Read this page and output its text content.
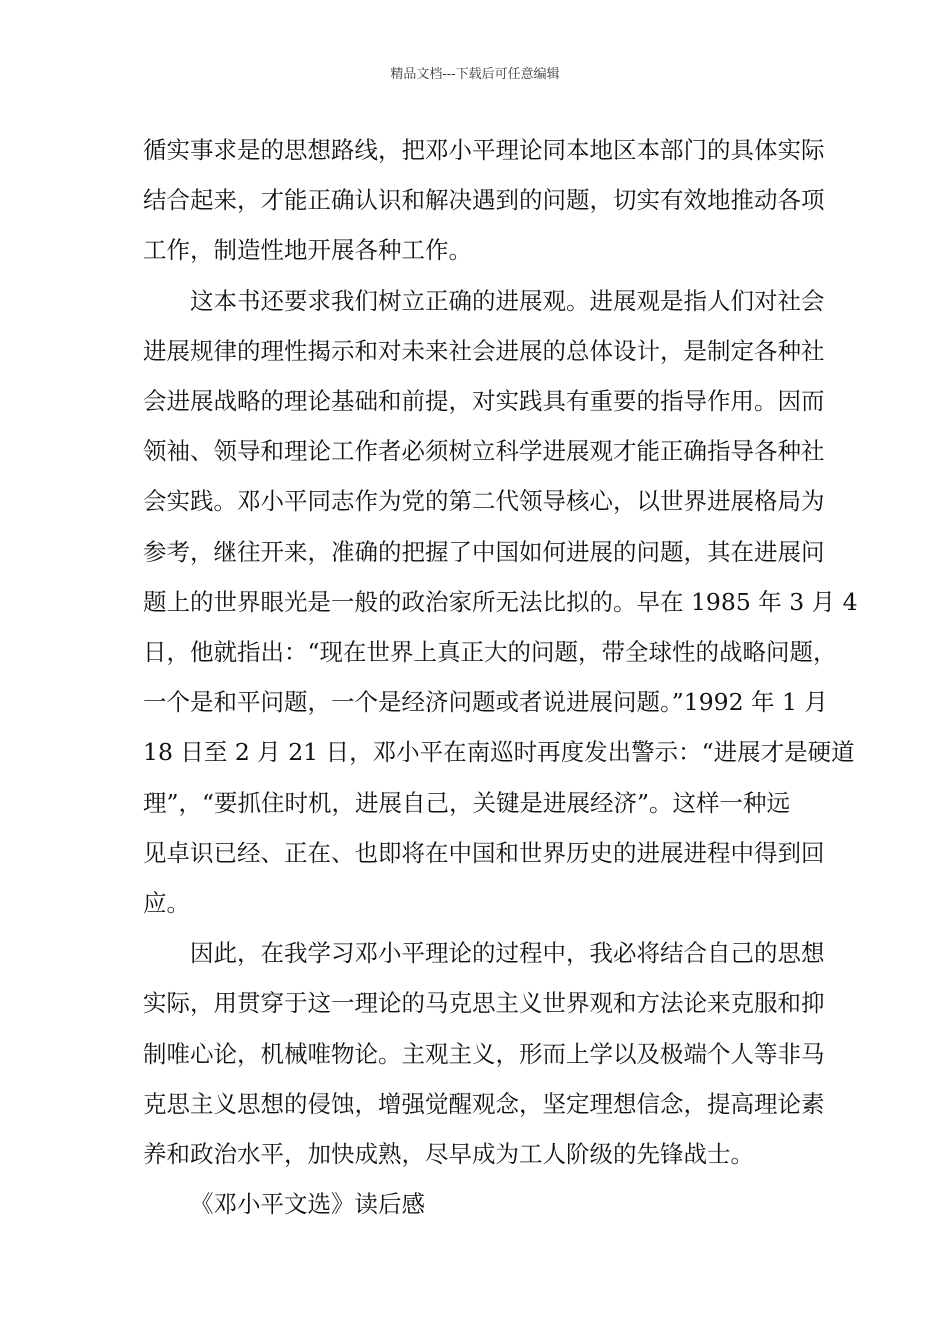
精品文档---下载后可任意编辑
循实事求是的思想路线，把邓小平理论同本地区本部门的具体实际
结合起来，才能正确认识和解决遇到的问题，切实有效地推动各项
工作，制造性地开展各种工作。
这本书还要求我们树立正确的进展观。进展观是指人们对社会
进展规律的理性揭示和对未来社会进展的总体设计，是制定各种社
会进展战略的理论基础和前提，对实践具有重要的指导作用。因而
领袖、领导和理论工作者必须树立科学进展观才能正确指导各种社
会实践。邓小平同志作为党的第二代领导核心，以世界进展格局为
参考，继往开来，准确的把握了中国如何进展的问题，其在进展问
题上的世界眼光是一般的政治家所无法比拟的。早在 1985 年 3 月 4
日，他就指出：“现在世界上真正大的问题，带全球性的战略问题，
一个是和平问题，一个是经济问题或者说进展问题。”1992 年 1 月
18 日至 2 月 21 日，邓小平在南巡时再度发出警示：“进展才是硬道
理”，“要抓住时机，进展自己，关键是进展经济”。这样一种远
见卓识已经、正在、也即将在中国和世界历史的进展进程中得到回
应。
因此，在我学习邓小平理论的过程中，我必将结合自己的思想
实际，用贯穿于这一理论的马克思主义世界观和方法论来克服和抑
制唯心论，机械唯物论。主观主义，形而上学以及极端个人等非马
克思主义思想的侵蚀，增强觉醒观念，坚定理想信念，提高理论素
养和政治水平，加快成熟，尽早成为工人阶级的先锋战士。
《邓小平文选》读后感
